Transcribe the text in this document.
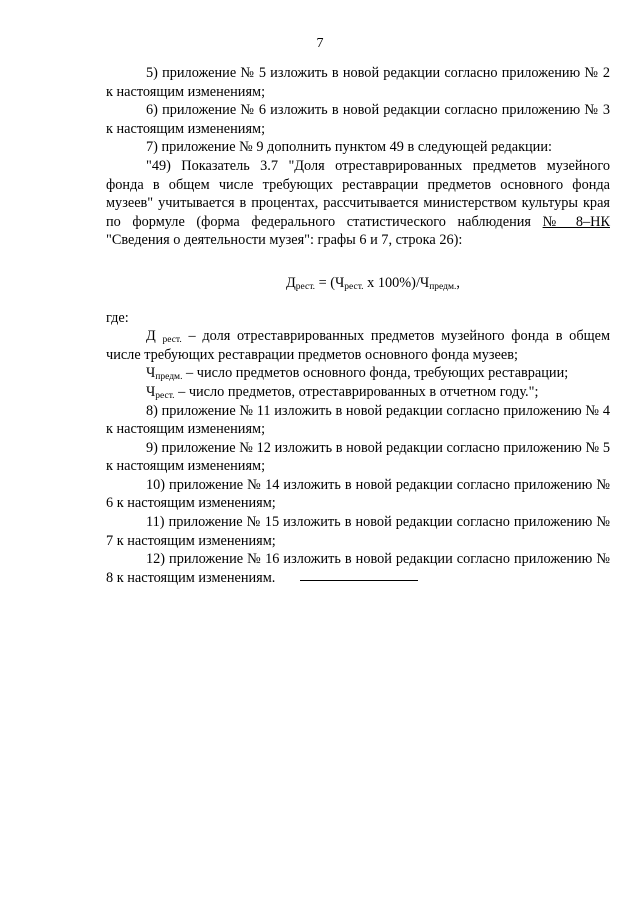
7

5) приложение № 5 изложить в новой редакции согласно приложению № 2 к настоящим изменениям;

6) приложение № 6 изложить в новой редакции согласно приложению № 3 к настоящим изменениям;

7) приложение № 9 дополнить пунктом 49 в следующей редакции:

"49) Показатель 3.7 "Доля отреставрированных предметов музейного фонда в общем числе требующих реставрации предметов основного фонда музеев" учитывается в процентах, рассчитывается министерством культуры края по формуле (форма федерального статистического наблюдения № 8–НК "Сведения о деятельности музея": графы 6 и 7, строка 26):

$Д_{рест.} = (Ч_{рест.}$ х $100\%)/Ч_{предм.}$,

где:

Д $_{рест.}$ – доля отреставрированных предметов музейного фонда в общем числе требующих реставрации предметов основного фонда музеев;

$Ч_{предм.}$ – число предметов основного фонда, требующих реставрации;

$Ч_{рест.}$ – число предметов, отреставрированных в отчетном году.";

8) приложение № 11 изложить в новой редакции согласно приложению № 4 к настоящим изменениям;

9) приложение № 12 изложить в новой редакции согласно приложению № 5 к настоящим изменениям;

10) приложение № 14 изложить в новой редакции согласно приложению № 6 к настоящим изменениям;

11) приложение № 15 изложить в новой редакции согласно приложению № 7 к настоящим изменениям;

12) приложение № 16 изложить в новой редакции согласно приложению № 8 к настоящим изменениям.
